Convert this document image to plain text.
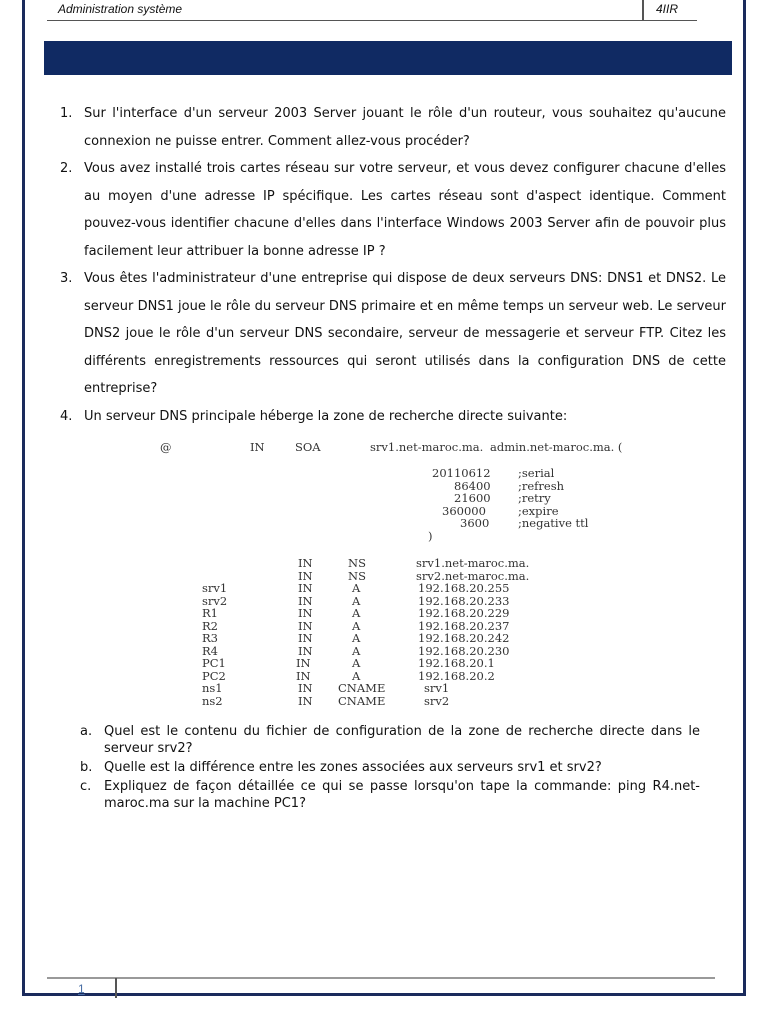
Administration système	4IIR
1. Sur l'interface d'un serveur 2003 Server jouant le rôle d'un routeur, vous souhaitez qu'aucune connexion ne puisse entrer. Comment allez-vous procéder?
2. Vous avez installé trois cartes réseau sur votre serveur, et vous devez configurer chacune d'elles au moyen d'une adresse IP spécifique. Les cartes réseau sont d'aspect identique. Comment pouvez-vous identifier chacune d'elles dans l'interface Windows 2003 Server afin de pouvoir plus facilement leur attribuer la bonne adresse IP ?
3. Vous êtes l'administrateur d'une entreprise qui dispose de deux serveurs DNS: DNS1 et DNS2. Le serveur DNS1 joue le rôle du serveur DNS primaire et en même temps un serveur web. Le serveur DNS2 joue le rôle d'un serveur DNS secondaire, serveur de messagerie et serveur FTP. Citez les différents enregistrements ressources qui seront utilisés dans la configuration DNS de cette entreprise?
4. Un serveur DNS principale héberge la zone de recherche directe suivante:
@	IN	SOA	srv1.net-maroc.ma. admin.net-maroc.ma. (
20110612 ;serial
86400 ;refresh
21600 ;retry
360000	;expire
3600 ;negative ttl
)
IN	NS	srv1.net-maroc.ma.
IN	NS	srv2.net-maroc.ma.
srv1	IN	A	192.168.20.255
srv2	IN	A	192.168.20.233
R1	IN	A	192.168.20.229
R2	IN	A	192.168.20.237
R3	IN	A	192.168.20.242
R4	IN	A	192.168.20.230
PC1	IN	A	192.168.20.1
PC2	IN	A	192.168.20.2
ns1	IN CNAME	srv1
ns2	IN CNAME	srv2
a. Quel est le contenu du fichier de configuration de la zone de recherche directe dans le serveur srv2?
b. Quelle est la différence entre les zones associées aux serveurs srv1 et srv2?
c. Expliquez de façon détaillée ce qui se passe lorsqu'on tape la commande: ping R4.net-maroc.ma sur la machine PC1?
1
